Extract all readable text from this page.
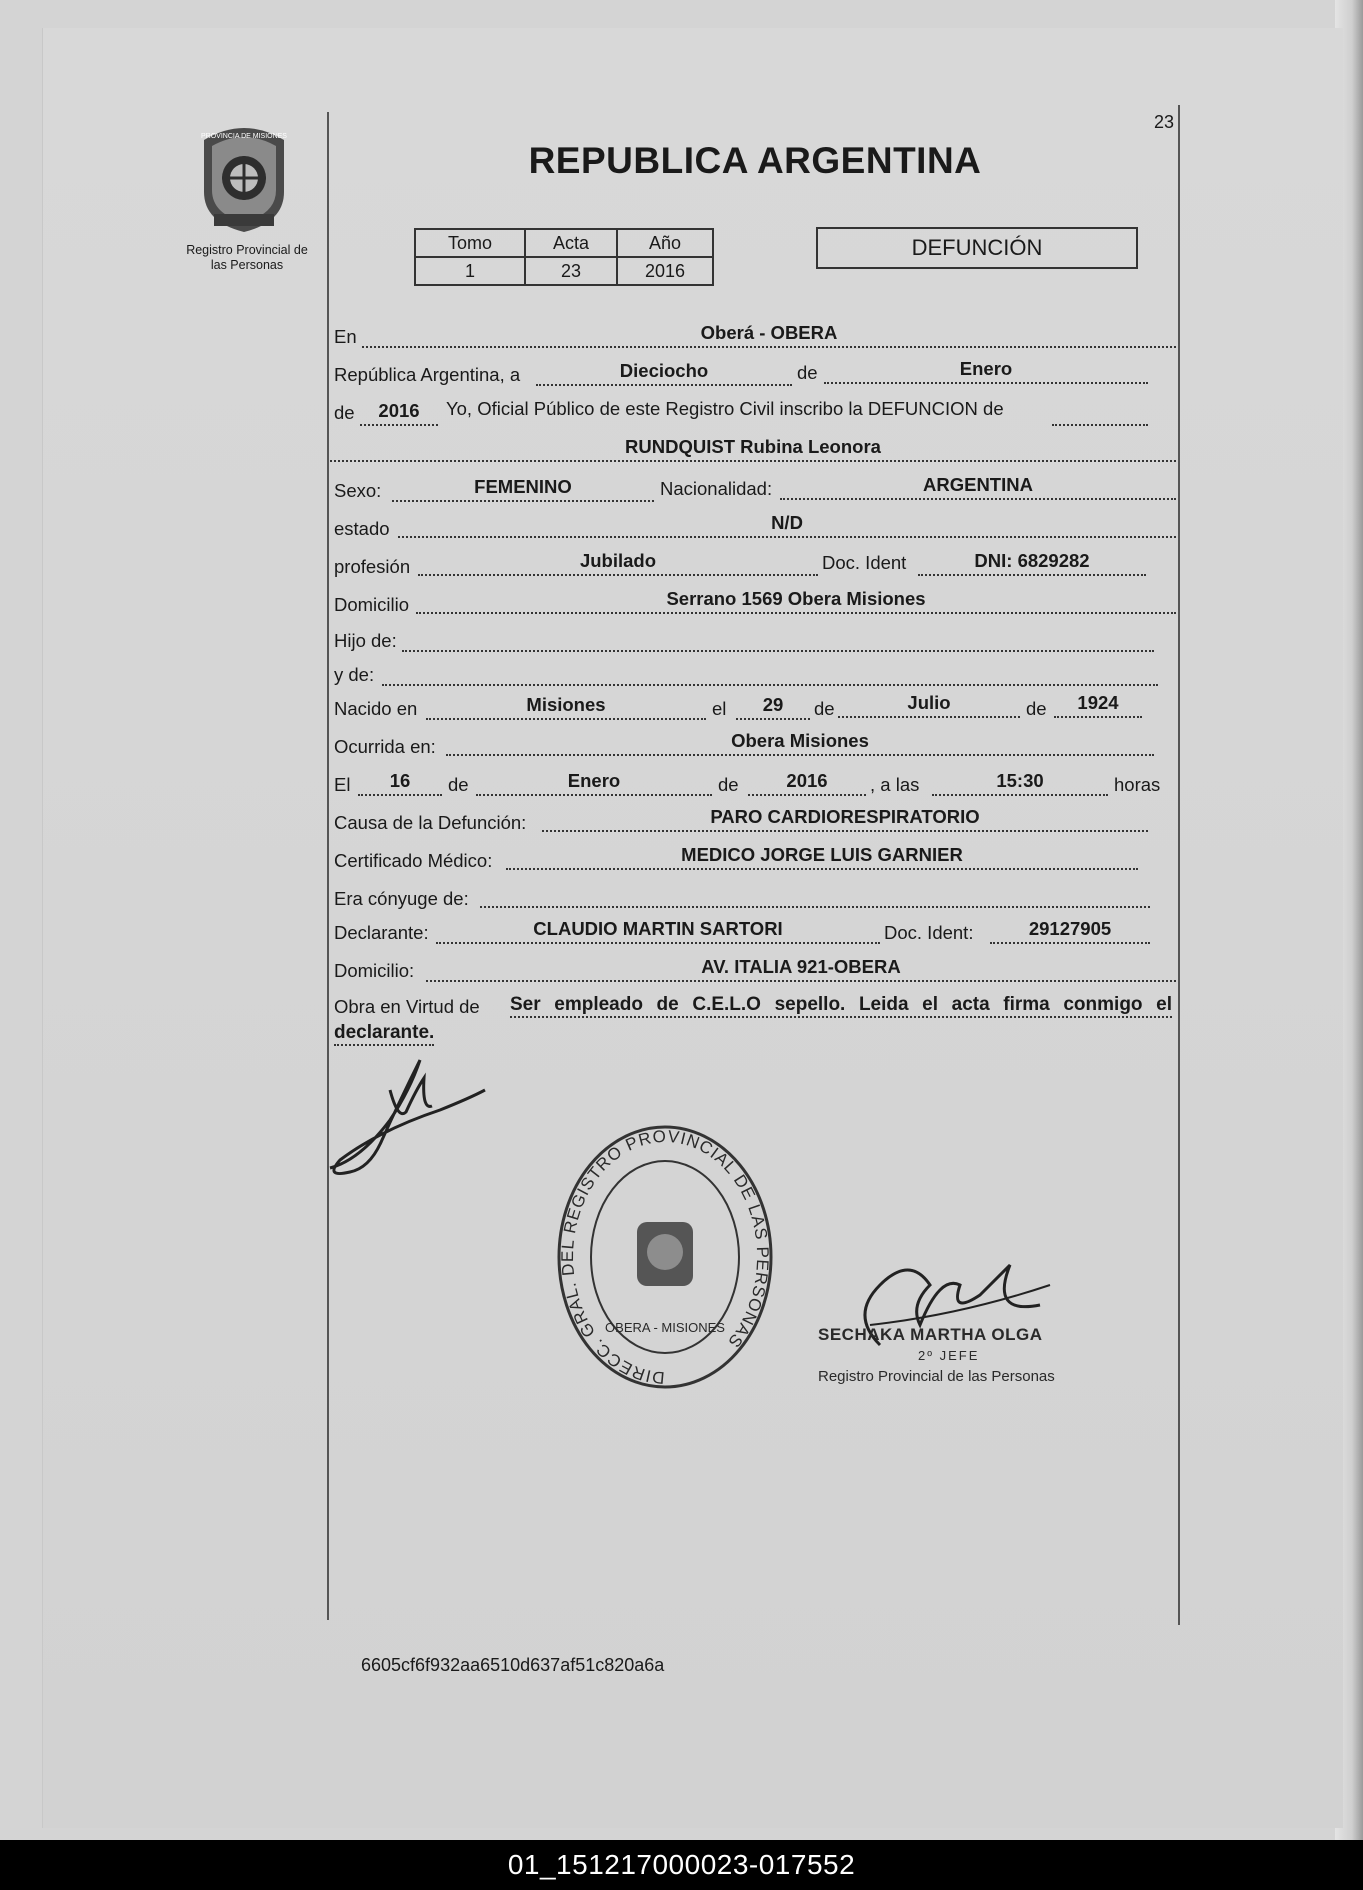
23
PROVINCIA DE MISIONES
Registro Provincial de
las Personas
REPUBLICA ARGENTINA
Tomo	Acta	Año
1	23	2016
DEFUNCIÓN
En	Oberá - OBERA
República Argentina, a	Dieciocho	de	Enero
de	2016	Yo, Oficial Público de este Registro Civil inscribo la DEFUNCION de
RUNDQUIST Rubina Leonora
Sexo:	FEMENINO	Nacionalidad:	ARGENTINA
estado	N/D
profesión	Jubilado	Doc. Ident	DNI: 6829282
Domicilio	Serrano 1569 Obera Misiones
Hijo de:
y de:
Nacido en	Misiones	el	29	de	Julio	de	1924
Ocurrida en:	Obera Misiones
El	16	de	Enero	de	2016	, a las	15:30	horas
Causa de la Defunción:	PARO CARDIORESPIRATORIO
Certificado Médico:	MEDICO JORGE LUIS GARNIER
Era cónyuge de:
Declarante:	CLAUDIO MARTIN SARTORI	Doc. Ident:	29127905
Domicilio:	AV. ITALIA 921-OBERA
Obra en Virtud de Ser empleado de C.E.L.O sepello. Leida el acta firma conmigo el
declarante.
DIRECC. GRAL. DEL REGISTRO PROVINCIAL DE LAS PERSONAS
OBERA - MISIONES	SECHAKA MARTHA OLGA
2º JEFE
Registro Provincial de las Personas
6605cf6f932aa6510d637af51c820a6a
01_151217000023-017552
